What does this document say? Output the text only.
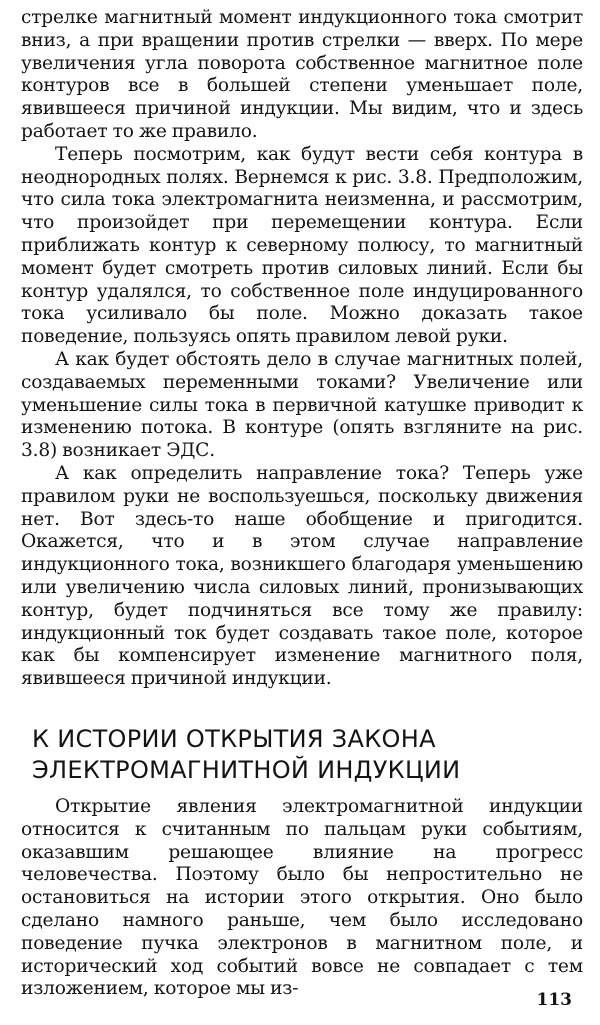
стрелке магнитный момент индукционного тока смотрит вниз, а при вращении против стрелки — вверх. По мере увеличения угла поворота собственное магнитное поле контуров все в большей степени уменьшает поле, явившееся причиной индукции. Мы видим, что и здесь работает то же правило.

Теперь посмотрим, как будут вести себя контура в неоднородных полях. Вернемся к рис. 3.8. Предположим, что сила тока электромагнита неизменна, и рассмотрим, что произойдет при перемещении контура. Если приближать контур к северному полюсу, то магнитный момент будет смотреть против силовых линий. Если бы контур удалялся, то собственное поле индуцированного тока усиливало бы поле. Можно доказать такое поведение, пользуясь опять правилом левой руки.

А как будет обстоять дело в случае магнитных полей, создаваемых переменными токами? Увеличение или уменьшение силы тока в первичной катушке приводит к изменению потока. В контуре (опять взгляните на рис. 3.8) возникает ЭДС.

А как определить направление тока? Теперь уже правилом руки не воспользуешься, поскольку движения нет. Вот здесь-то наше обобщение и пригодится. Окажется, что и в этом случае направление индукционного тока, возникшего благодаря уменьшению или увеличению числа силовых линий, пронизывающих контур, будет подчиняться все тому же правилу: индукционный ток будет создавать такое поле, которое как бы компенсирует изменение магнитного поля, явившееся причиной индукции.

К ИСТОРИИ ОТКРЫТИЯ ЗАКОНА
ЭЛЕКТРОМАГНИТНОЙ ИНДУКЦИИ

Открытие явления электромагнитной индукции относится к считанным по пальцам руки событиям, оказавшим решающее влияние на прогресс человечества. Поэтому было бы непростительно не остановиться на истории этого открытия. Оно было сделано намного раньше, чем было исследовано поведение пучка электронов в магнитном поле, и исторический ход событий вовсе не совпадает с тем изложением, которое мы из-

113
